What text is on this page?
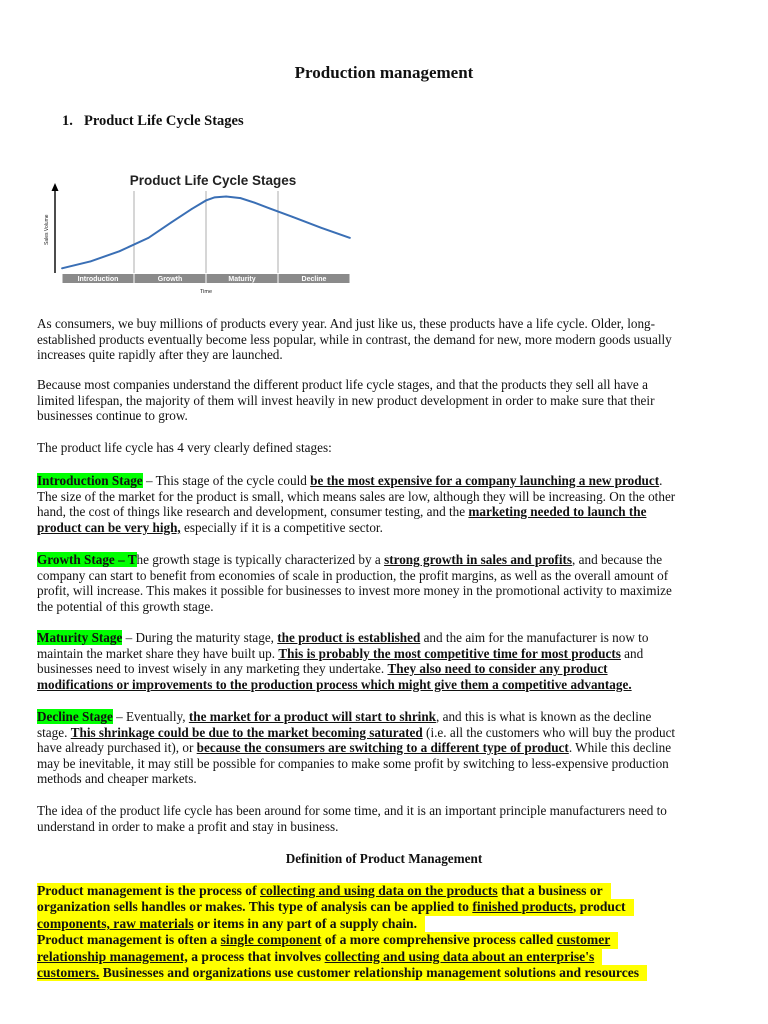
Production management
1. Product Life Cycle Stages
Product Life Cycle Stages
Sales Volume
Introduction	Growth	Maturity	Decline
Time
As consumers, we buy millions of products every year. And just like us, these products have a life cycle. Older, long-
established products eventually become less popular, while in contrast, the demand for new, more modern goods usually
increases quite rapidly after they are launched.
Because most companies understand the different product life cycle stages, and that the products they sell all have a
limited lifespan, the majority of them will invest heavily in new product development in order to make sure that their
businesses continue to grow.
The product life cycle has 4 very clearly defined stages:
Introduction Stage – This stage of the cycle could be the most expensive for a company launching a new product.
The size of the market for the product is small, which means sales are low, although they will be increasing. On the other
hand, the cost of things like research and development, consumer testing, and the marketing needed to launch the
product can be very high, especially if it is a competitive sector.
Growth Stage – The growth stage is typically characterized by a strong growth in sales and profits, and because the
company can start to benefit from economies of scale in production, the profit margins, as well as the overall amount of
profit, will increase. This makes it possible for businesses to invest more money in the promotional activity to maximize
the potential of this growth stage.
Maturity Stage – During the maturity stage, the product is established and the aim for the manufacturer is now to
maintain the market share they have built up. This is probably the most competitive time for most products and
businesses need to invest wisely in any marketing they undertake. They also need to consider any product
modifications or improvements to the production process which might give them a competitive advantage.
Decline Stage – Eventually, the market for a product will start to shrink, and this is what is known as the decline
stage. This shrinkage could be due to the market becoming saturated (i.e. all the customers who will buy the product
have already purchased it), or because the consumers are switching to a different type of product. While this decline
may be inevitable, it may still be possible for companies to make some profit by switching to less-expensive production
methods and cheaper markets.
The idea of the product life cycle has been around for some time, and it is an important principle manufacturers need to
understand in order to make a profit and stay in business.
Definition of Product Management
Product management is the process of collecting and using data on the products that a business or
organization sells handles or makes. This type of analysis can be applied to finished products, product
components, raw materials or items in any part of a supply chain.
Product management is often a single component of a more comprehensive process called customer
relationship management, a process that involves collecting and using data about an enterprise's
customers. Businesses and organizations use customer relationship management solutions and resources
